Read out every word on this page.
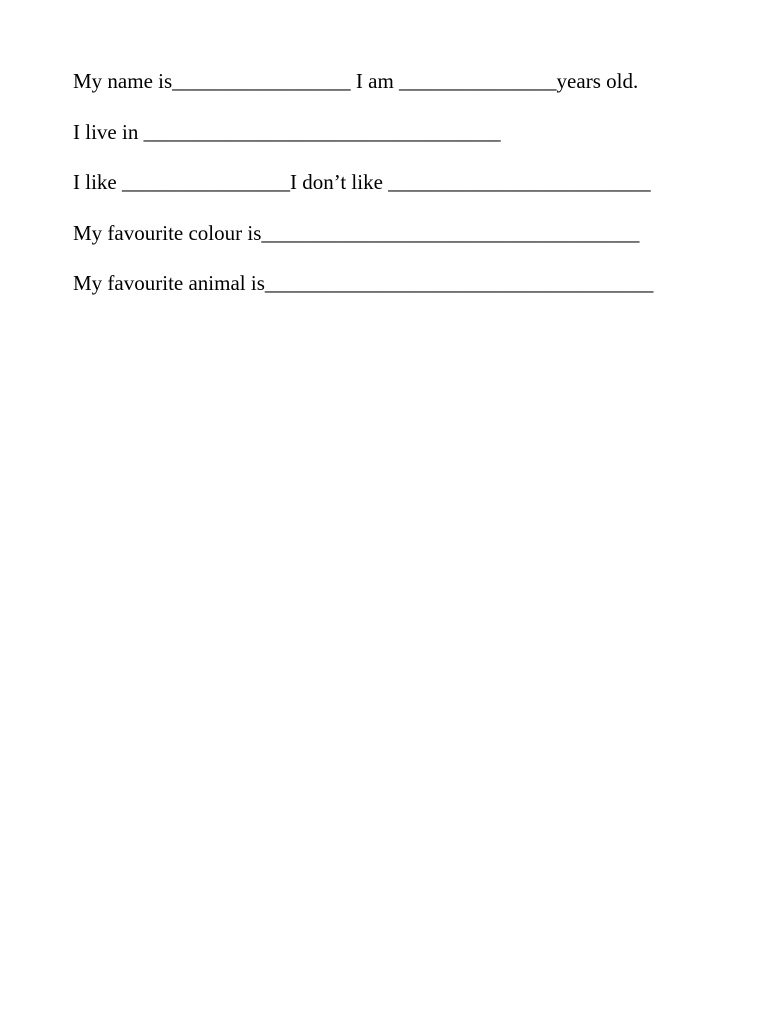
My name is_________________ I am _______________years old.
I live in __________________________________
I like ________________I don’t like _________________________
My favourite colour is____________________________________
My favourite animal is_____________________________________
